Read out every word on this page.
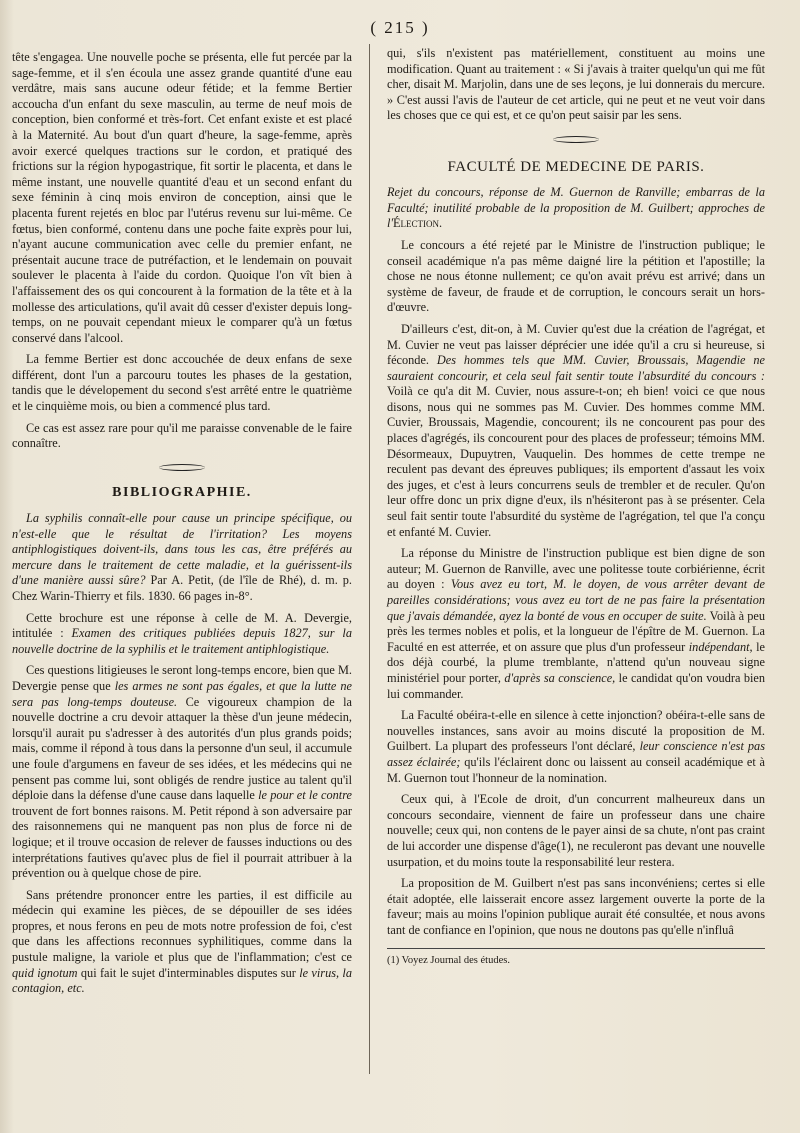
( 215 )

tête s'engagea. Une nouvelle poche se présenta, elle fut percée par la sage-femme, et il s'en écoula une assez grande quantité d'une eau verdâtre, mais sans aucune odeur fétide; et la femme Bertier accoucha d'un enfant du sexe masculin, au terme de neuf mois de conception, bien conformé et très-fort. Cet enfant existe et est placé à la Maternité. Au bout d'un quart d'heure, la sage-femme, après avoir exercé quelques tractions sur le cordon, et pratiqué des frictions sur la région hypogastrique, fit sortir le placenta, et dans le même instant, une nouvelle quantité d'eau et un second enfant du sexe féminin à cinq mois environ de conception, ainsi que le placenta furent rejetés en bloc par l'utérus revenu sur lui-même. Ce fœtus, bien conformé, contenu dans une poche faite exprès pour lui, n'ayant aucune communication avec celle du premier enfant, ne présentait aucune trace de putréfaction, et le lendemain on pouvait soulever le placenta à l'aide du cordon. Quoique l'on vît bien à l'affaissement des os qui concourent à la formation de la tête et à la mollesse des articulations, qu'il avait dû cesser d'exister depuis long-temps, on ne pouvait cependant mieux le comparer qu'à un fœtus conservé dans l'alcool.

La femme Bertier est donc accouchée de deux enfans de sexe différent, dont l'un a parcouru toutes les phases de la gestation, tandis que le dévelopement du second s'est arrêté entre le quatrième et le cinquième mois, ou bien a commencé plus tard.

Ce cas est assez rare pour qu'il me paraisse convenable de le faire connaître.

BIBLIOGRAPHIE.

La syphilis connaît-elle pour cause un principe spécifique, ou n'est-elle que le résultat de l'irritation? Les moyens antiphlogistiques doivent-ils, dans tous les cas, être préférés au mercure dans le traitement de cette maladie, et la guérissent-ils d'une manière aussi sûre? Par A. Petit, (de l'île de Rhé), d. m. p. Chez Warin-Thierry et fils. 1830. 66 pages in-8°.

Cette brochure est une réponse à celle de M. A. Devergie, intitulée : Examen des critiques publiées depuis 1827, sur la nouvelle doctrine de la syphilis et le traitement antiphlogistique.

Ces questions litigieuses le seront long-temps encore, bien que M. Devergie pense que les armes ne sont pas égales, et que la lutte ne sera pas long-temps douteuse. Ce vigoureux champion de la nouvelle doctrine a cru devoir attaquer la thèse d'un jeune médecin, lorsqu'il aurait pu s'adresser à des autorités d'un plus grands poids; mais, comme il répond à tous dans la personne d'un seul, il accumule une foule d'argumens en faveur de ses idées, et les médecins qui ne pensent pas comme lui, sont obligés de rendre justice au talent qu'il déploie dans la défense d'une cause dans laquelle le pour et le contre trouvent de fort bonnes raisons. M. Petit répond à son adversaire par des raisonnemens qui ne manquent pas non plus de force ni de logique; et il trouve occasion de relever de fausses inductions ou des interprétations fautives qu'avec plus de fiel il pourrait attribuer à la prévention ou à quelque chose de pire.

Sans prétendre prononcer entre les parties, il est difficile au médecin qui examine les pièces, de se dépouiller de ses idées propres, et nous ferons en peu de mots notre profession de foi, c'est que dans les affections reconnues syphilitiques, comme dans la pustule maligne, la variole et plus que de l'inflammation; c'est ce quid ignotum qui fait le sujet d'interminables disputes sur le virus, la contagion, etc.

qui, s'ils n'existent pas matériellement, constituent au moins une modification. Quant au traitement : « Si j'avais à traiter quelqu'un qui me fût cher, disait M. Marjolin, dans une de ses leçons, je lui donnerais du mercure. » C'est aussi l'avis de l'auteur de cet article, qui ne peut et ne veut voir dans les choses que ce qui est, et ce qu'on peut saisir par les sens.

FACULTÉ DE MEDECINE DE PARIS.

Rejet du concours, réponse de M. Guernon de Ranville; embarras de la Faculté; inutilité probable de la proposition de M. Guilbert; approches de l'Élection.

Le concours a été rejeté par le Ministre de l'instruction publique; le conseil académique n'a pas même daigné lire la pétition et l'apostille; la chose ne nous étonne nullement; ce qu'on avait prévu est arrivé; dans un système de faveur, de fraude et de corruption, le concours serait un hors-d'œuvre.

D'ailleurs c'est, dit-on, à M. Cuvier qu'est due la création de l'agrégat, et M. Cuvier ne veut pas laisser déprécier une idée qu'il a cru si heureuse, si féconde. Des hommes tels que MM. Cuvier, Broussais, Magendie ne sauraient concourir, et cela seul fait sentir toute l'absurdité du concours : Voilà ce qu'a dit M. Cuvier, nous assure-t-on; eh bien! voici ce que nous disons, nous qui ne sommes pas M. Cuvier. Des hommes comme MM. Cuvier, Broussais, Magendie, concourent; ils ne concourent pas pour des places d'agrégés, ils concourent pour des places de professeur; témoins MM. Désormeaux, Dupuytren, Vauquelin. Des hommes de cette trempe ne reculent pas devant des épreuves publiques; ils emportent d'assaut les voix des juges, et c'est à leurs concurrens seuls de trembler et de reculer. Qu'on leur offre donc un prix digne d'eux, ils n'hésiteront pas à se présenter. Cela seul fait sentir toute l'absurdité du système de l'agrégation, tel que l'a conçu et enfanté M. Cuvier.

La réponse du Ministre de l'instruction publique est bien digne de son auteur; M. Guernon de Ranville, avec une politesse toute corbiérienne, écrit au doyen : Vous avez eu tort, M. le doyen, de vous arrêter devant de pareilles considérations; vous avez eu tort de ne pas faire la présentation que j'avais démandée, ayez la bonté de vous en occuper de suite. Voilà à peu près les termes nobles et polis, et la longueur de l'épître de M. Guernon. La Faculté en est atterrée, et on assure que plus d'un professeur indépendant, le dos déjà courbé, la plume tremblante, n'attend qu'un nouveau signe ministériel pour porter, d'après sa conscience, le candidat qu'on voudra bien lui commander.

La Faculté obéira-t-elle en silence à cette injonction? obéira-t-elle sans de nouvelles instances, sans avoir au moins discuté la proposition de M. Guilbert. La plupart des professeurs l'ont déclaré, leur conscience n'est pas assez éclairée; qu'ils l'éclairent donc ou laissent au conseil académique et à M. Guernon tout l'honneur de la nomination.

Ceux qui, à l'Ecole de droit, d'un concurrent malheureux dans un concours secondaire, viennent de faire un professeur dans une chaire nouvelle; ceux qui, non contens de le payer ainsi de sa chute, n'ont pas craint de lui accorder une dispense d'âge(1), ne reculeront pas devant une nouvelle usurpation, et du moins toute la responsabilité leur restera.

La proposition de M. Guilbert n'est pas sans inconvéniens; certes si elle était adoptée, elle laisserait encore assez largement ouverte la porte de la faveur; mais au moins l'opinion publique aurait été consultée, et nous avons tant de confiance en l'opinion, que nous ne doutons pas qu'elle n'influâ

(1) Voyez Journal des études.
